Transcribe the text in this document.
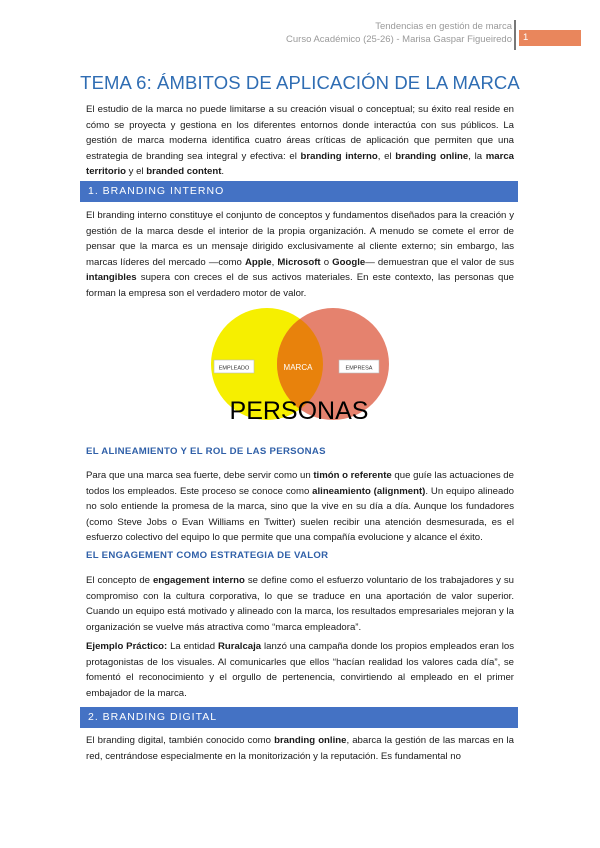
Tendencias en gestión de marca
Curso Académico (25-26) - Marisa Gaspar Figueiredo	1
TEMA 6: ÁMBITOS DE APLICACIÓN DE LA MARCA
El estudio de la marca no puede limitarse a su creación visual o conceptual; su éxito real reside en cómo se proyecta y gestiona en los diferentes entornos donde interactúa con sus públicos. La gestión de marca moderna identifica cuatro áreas críticas de aplicación que permiten que una estrategia de branding sea integral y efectiva: el branding interno, el branding online, la marca territorio y el branded content.
1. BRANDING INTERNO
El branding interno constituye el conjunto de conceptos y fundamentos diseñados para la creación y gestión de la marca desde el interior de la propia organización. A menudo se comete el error de pensar que la marca es un mensaje dirigido exclusivamente al cliente externo; sin embargo, las marcas líderes del mercado —como Apple, Microsoft o Google— demuestran que el valor de sus intangibles supera con creces el de sus activos materiales. En este contexto, las personas que forman la empresa son el verdadero motor de valor.
EMPLEADO	MARCA	EMPRESA
PERSONAS
EL ALINEAMIENTO Y EL ROL DE LAS PERSONAS
Para que una marca sea fuerte, debe servir como un timón o referente que guíe las actuaciones de todos los empleados. Este proceso se conoce como alineamiento (alignment). Un equipo alineado no solo entiende la promesa de la marca, sino que la vive en su día a día. Aunque los fundadores (como Steve Jobs o Evan Williams en Twitter) suelen recibir una atención desmesurada, es el esfuerzo colectivo del equipo lo que permite que una compañía evolucione y alcance el éxito.
EL ENGAGEMENT COMO ESTRATEGIA DE VALOR
El concepto de engagement interno se define como el esfuerzo voluntario de los trabajadores y su compromiso con la cultura corporativa, lo que se traduce en una aportación de valor superior. Cuando un equipo está motivado y alineado con la marca, los resultados empresariales mejoran y la organización se vuelve más atractiva como “marca empleadora”.
Ejemplo Práctico: La entidad Ruralcaja lanzó una campaña donde los propios empleados eran los protagonistas de los visuales. Al comunicarles que ellos “hacían realidad los valores cada día”, se fomentó el reconocimiento y el orgullo de pertenencia, convirtiendo al empleado en el primer embajador de la marca.
2. BRANDING DIGITAL
El branding digital, también conocido como branding online, abarca la gestión de las marcas en la red, centrándose especialmente en la monitorización y la reputación. Es fundamental no
